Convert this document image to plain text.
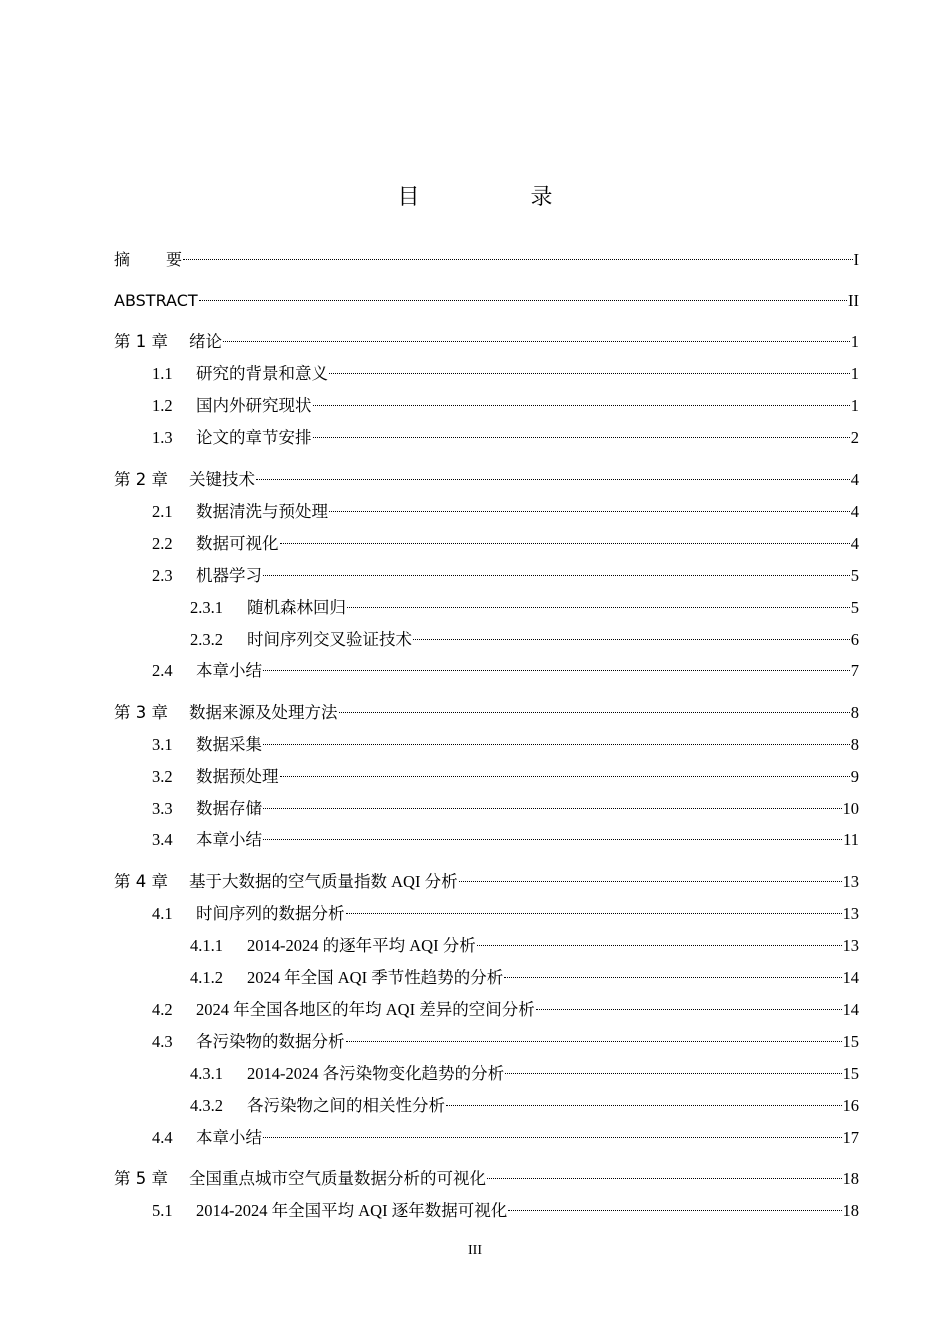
目 录
摘要	I
ABSTRACT	II
第 1 章	绪论	1
1.1	研究的背景和意义	1
1.2	国内外研究现状	1
1.3	论文的章节安排	2
第 2 章	关键技术	4
2.1	数据清洗与预处理	4
2.2	数据可视化	4
2.3	机器学习	5
2.3.1	随机森林回归	5
2.3.2	时间序列交叉验证技术	6
2.4	本章小结	7
第 3 章	数据来源及处理方法	8
3.1	数据采集	8
3.2	数据预处理	9
3.3	数据存储	10
3.4	本章小结	11
第 4 章	基于大数据的空气质量指数 AQI 分析	13
4.1	时间序列的数据分析	13
4.1.1	2014-2024 的逐年平均 AQI 分析	13
4.1.2	2024 年全国 AQI 季节性趋势的分析	14
4.2	2024 年全国各地区的年均 AQI 差异的空间分析	14
4.3	各污染物的数据分析	15
4.3.1	2014-2024 各污染物变化趋势的分析	15
4.3.2	各污染物之间的相关性分析	16
4.4	本章小结	17
第 5 章	全国重点城市空气质量数据分析的可视化	18
5.1	2014-2024 年全国平均 AQI 逐年数据可视化	18
III
